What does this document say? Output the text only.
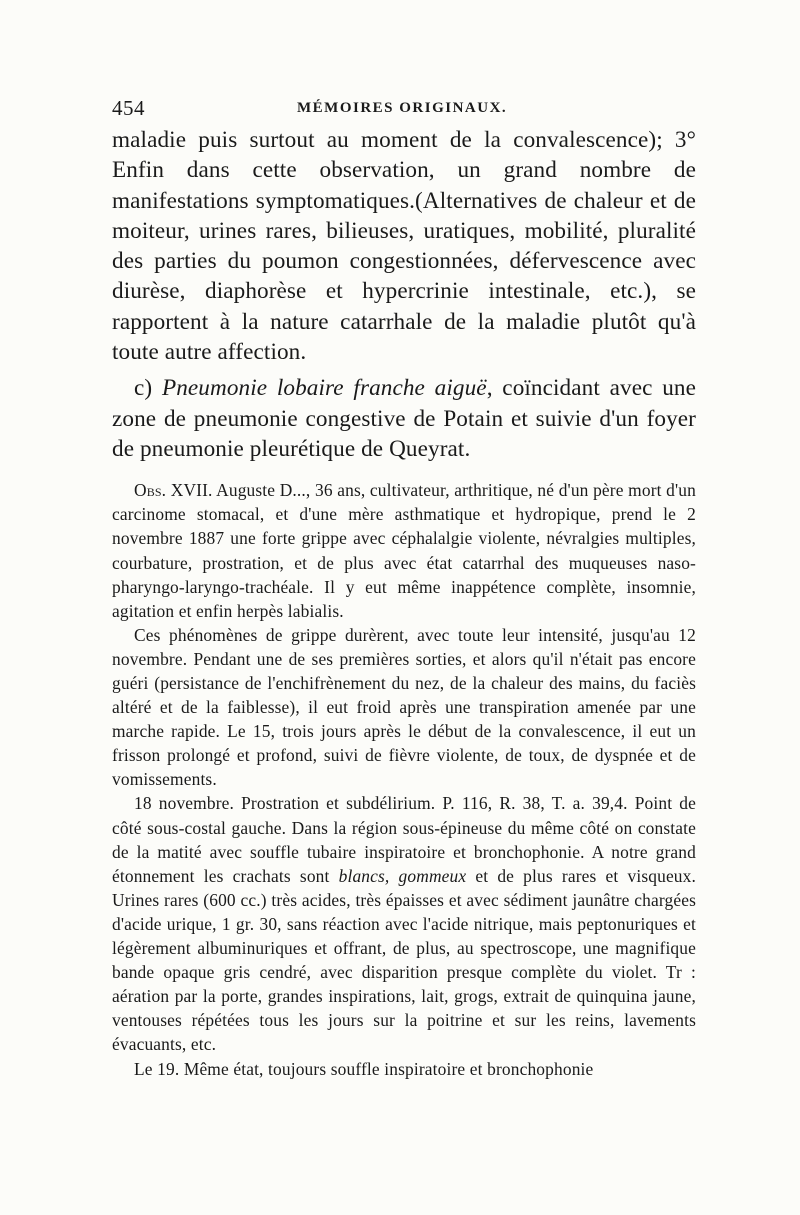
454	MÉMOIRES ORIGINAUX.

maladie puis surtout au moment de la convalescence); 3° Enfin dans cette observation, un grand nombre de manifestations symptomatiques.(Alternatives de chaleur et de moiteur, urines rares, bilieuses, uratiques, mobilité, pluralité des parties du poumon congestionnées, défervescence avec diurèse, diaphorèse et hypercrinie intestinale, etc.), se rapportent à la nature catarrhale de la maladie plutôt qu'à toute autre affection.

c) Pneumonie lobaire franche aiguë, coïncidant avec une zone de pneumonie congestive de Potain et suivie d'un foyer de pneumonie pleurétique de Queyrat.

Obs. XVII. Auguste D..., 36 ans, cultivateur, arthritique, né d'un père mort d'un carcinome stomacal, et d'une mère asthmatique et hydropique, prend le 2 novembre 1887 une forte grippe avec céphalalgie violente, névralgies multiples, courbature, prostration, et de plus avec état catarrhal des muqueuses naso-pharyngo-laryngo-trachéale. Il y eut même inappétence complète, insomnie, agitation et enfin herpès labialis.

Ces phénomènes de grippe durèrent, avec toute leur intensité, jusqu'au 12 novembre. Pendant une de ses premières sorties, et alors qu'il n'était pas encore guéri (persistance de l'enchifrènement du nez, de la chaleur des mains, du faciès altéré et de la faiblesse), il eut froid après une transpiration amenée par une marche rapide. Le 15, trois jours après le début de la convalescence, il eut un frisson prolongé et profond, suivi de fièvre violente, de toux, de dyspnée et de vomissements.

18 novembre. Prostration et subdélirium. P. 116, R. 38, T. a. 39,4. Point de côté sous-costal gauche. Dans la région sous-épineuse du même côté on constate de la matité avec souffle tubaire inspiratoire et bronchophonie. A notre grand étonnement les crachats sont blancs, gommeux et de plus rares et visqueux. Urines rares (600 cc.) très acides, très épaisses et avec sédiment jaunâtre chargées d'acide urique, 1 gr. 30, sans réaction avec l'acide nitrique, mais peptonuriques et légèrement albuminuriques et offrant, de plus, au spectroscope, une magnifique bande opaque gris cendré, avec disparition presque complète du violet. Tr : aération par la porte, grandes inspirations, lait, grogs, extrait de quinquina jaune, ventouses répétées tous les jours sur la poitrine et sur les reins, lavements évacuants, etc.

Le 19. Même état, toujours souffle inspiratoire et bronchophonie
